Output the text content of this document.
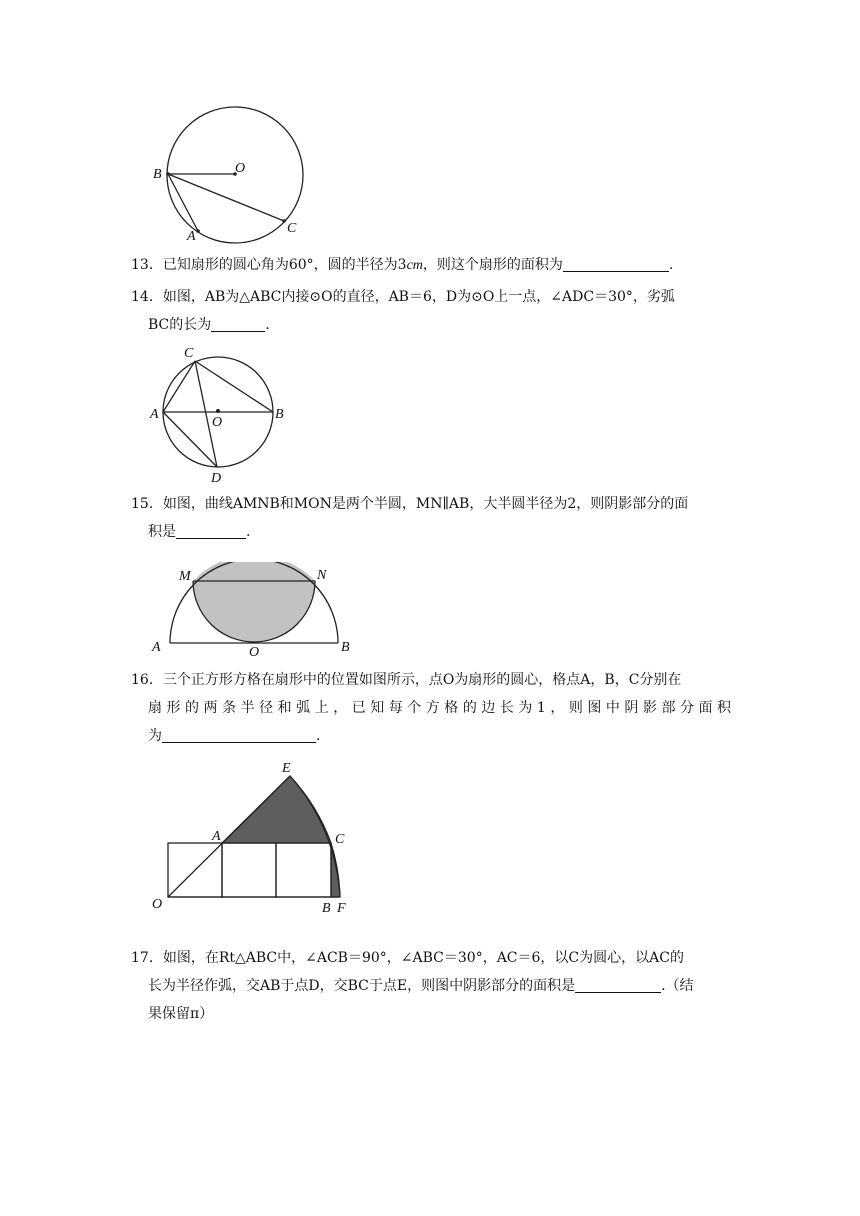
B	O
A
C
13．已知扇形的圆心角为60°，圆的半径为3cm，则这个扇形的面积为	.
14．如图，AB为△ABC内接⊙O的直径，AB＝6，D为⊙O上一点，∠ADC＝30°，劣弧
BC的长为	.
C
A
O
B
D
15．如图，曲线AMNB和MON是两个半圆，MN∥AB，大半圆半径为2，则阴影部分的面
积是	.
M	N
A	O	B
16．三个正方形方格在扇形中的位置如图所示，点O为扇形的圆心，格点A，B，C分别在
扇形的两条半径和弧上，已知每个方格的边长为1，则图中阴影部分面积
为	.
E
A	C
O	B F
17．如图，在Rt△ABC中，∠ACB＝90°，∠ABC＝30°，AC＝6，以C为圆心，以AC的
长为半径作弧，交AB于点D，交BC于点E，则图中阴影部分的面积是	.（结
果保留π）
